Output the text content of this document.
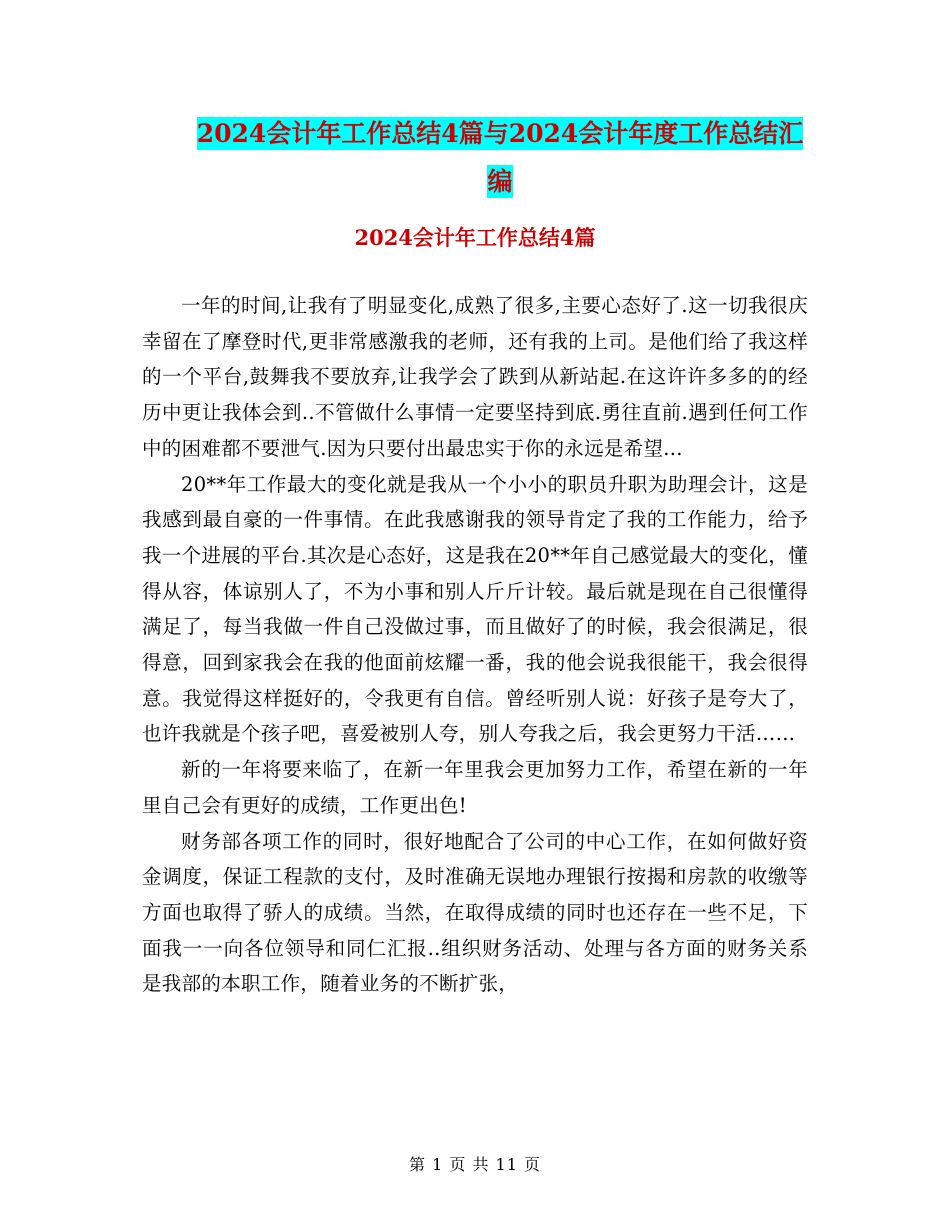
2024会计年工作总结4篇与2024会计年度工作总结汇
编
2024会计年工作总结4篇

一年的时间,让我有了明显变化,成熟了很多,主要心态好了.这一切我很庆幸留在了摩登时代,更非常感激我的老师，还有我的上司。是他们给了我这样的一个平台,鼓舞我不要放弃,让我学会了跌到从新站起.在这许许多多的的经历中更让我体会到..不管做什么事情一定要坚持到底.勇往直前.遇到任何工作中的困难都不要泄气.因为只要付出最忠实于你的永远是希望...

20**年工作最大的变化就是我从一个小小的职员升职为助理会计，这是我感到最自豪的一件事情。在此我感谢我的领导肯定了我的工作能力，给予我一个进展的平台.其次是心态好，这是我在20**年自己感觉最大的变化，懂得从容，体谅别人了，不为小事和别人斤斤计较。最后就是现在自己很懂得满足了，每当我做一件自己没做过事，而且做好了的时候，我会很满足，很得意，回到家我会在我的他面前炫耀一番，我的他会说我很能干，我会很得意。我觉得这样挺好的，令我更有自信。曾经听别人说：好孩子是夸大了，也许我就是个孩子吧，喜爱被别人夸，别人夸我之后，我会更努力干活……

新的一年将要来临了，在新一年里我会更加努力工作，希望在新的一年里自己会有更好的成绩，工作更出色!

财务部各项工作的同时，很好地配合了公司的中心工作，在如何做好资金调度，保证工程款的支付，及时准确无误地办理银行按揭和房款的收缴等方面也取得了骄人的成绩。当然，在取得成绩的同时也还存在一些不足，下面我一一向各位领导和同仁汇报..组织财务活动、处理与各方面的财务关系是我部的本职工作，随着业务的不断扩张，

第 1 页 共 11 页
